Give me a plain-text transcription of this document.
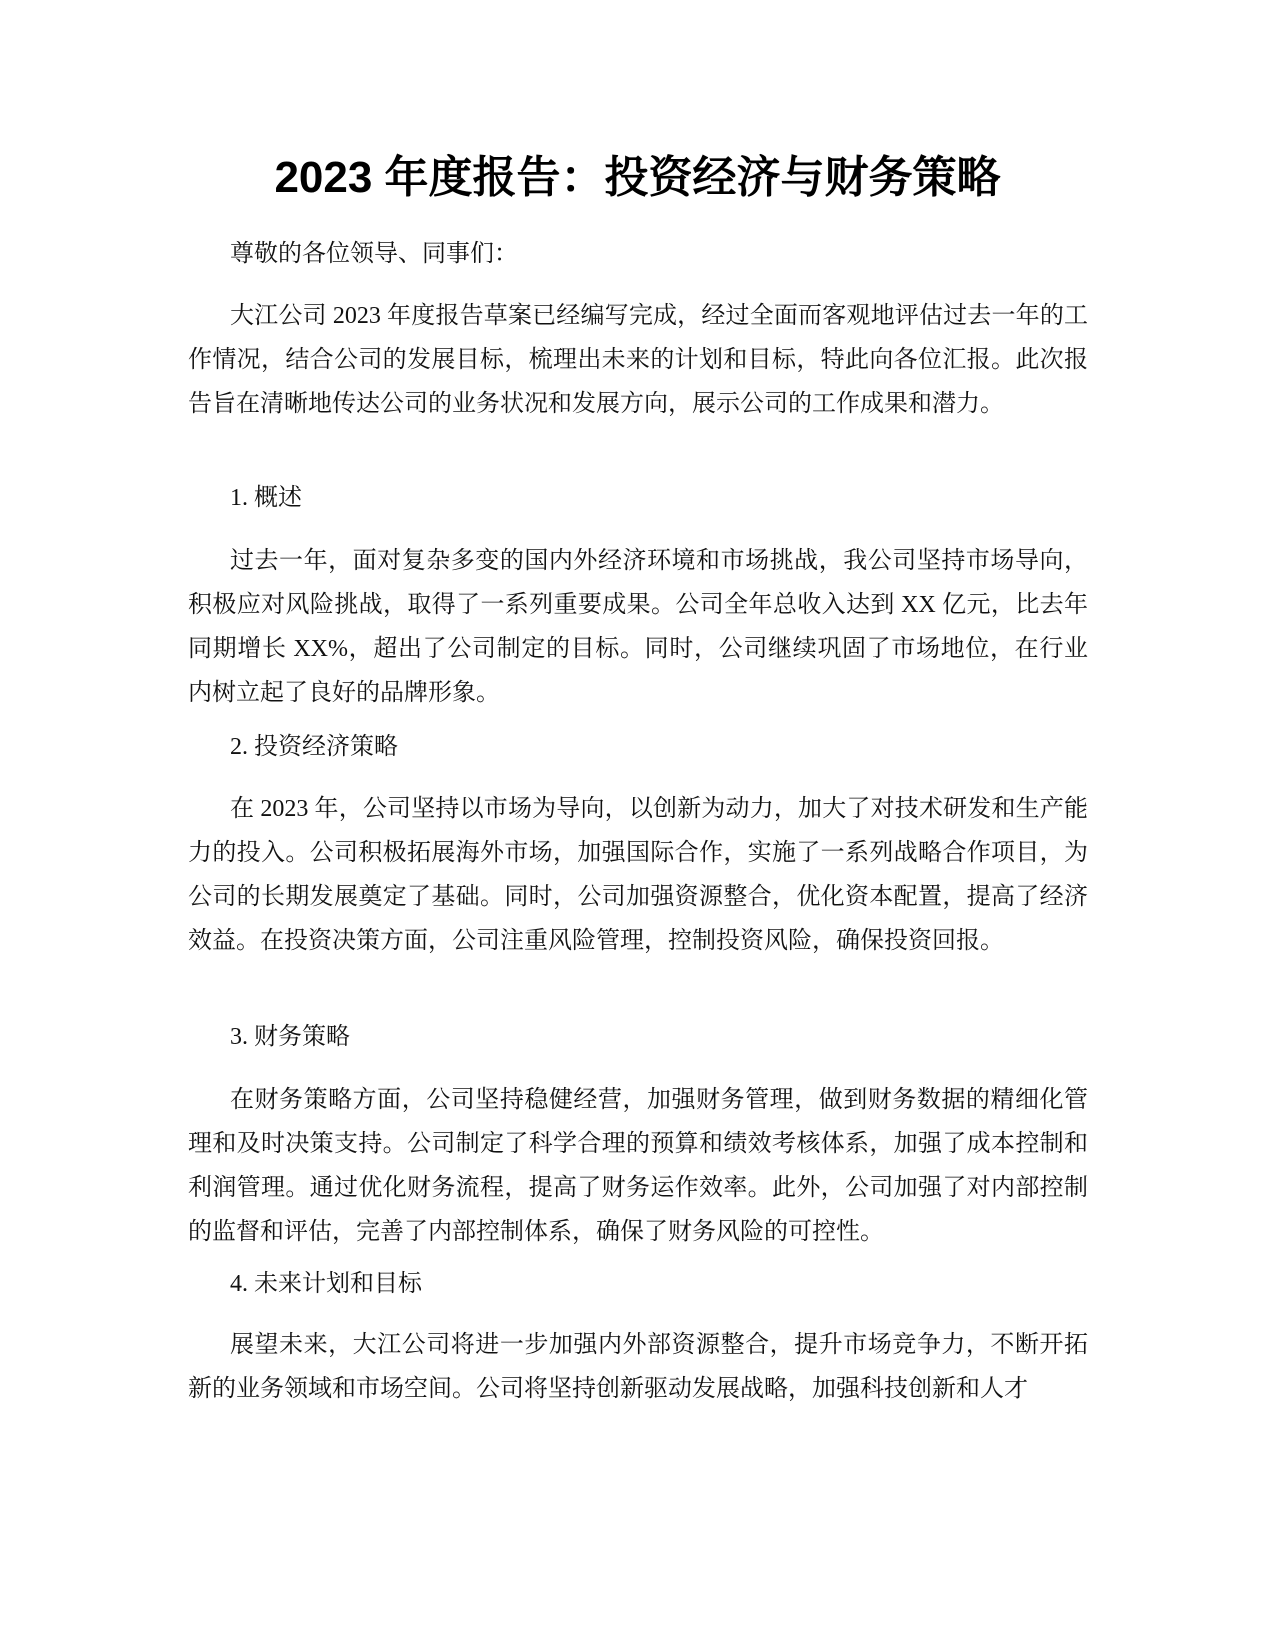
2023 年度报告：投资经济与财务策略

尊敬的各位领导、同事们：

大江公司 2023 年度报告草案已经编写完成，经过全面而客观地评估过去一年的工作情况，结合公司的发展目标，梳理出未来的计划和目标，特此向各位汇报。此次报告旨在清晰地传达公司的业务状况和发展方向，展示公司的工作成果和潜力。

1. 概述

过去一年，面对复杂多变的国内外经济环境和市场挑战，我公司坚持市场导向，积极应对风险挑战，取得了一系列重要成果。公司全年总收入达到 XX 亿元，比去年同期增长 XX%，超出了公司制定的目标。同时，公司继续巩固了市场地位，在行业内树立起了良好的品牌形象。

2. 投资经济策略

在 2023 年，公司坚持以市场为导向，以创新为动力，加大了对技术研发和生产能力的投入。公司积极拓展海外市场，加强国际合作，实施了一系列战略合作项目，为公司的长期发展奠定了基础。同时，公司加强资源整合，优化资本配置，提高了经济效益。在投资决策方面，公司注重风险管理，控制投资风险，确保投资回报。

3. 财务策略

在财务策略方面，公司坚持稳健经营，加强财务管理，做到财务数据的精细化管理和及时决策支持。公司制定了科学合理的预算和绩效考核体系，加强了成本控制和利润管理。通过优化财务流程，提高了财务运作效率。此外，公司加强了对内部控制的监督和评估，完善了内部控制体系，确保了财务风险的可控性。

4. 未来计划和目标

展望未来，大江公司将进一步加强内外部资源整合，提升市场竞争力，不断开拓新的业务领域和市场空间。公司将坚持创新驱动发展战略，加强科技创新和人才
